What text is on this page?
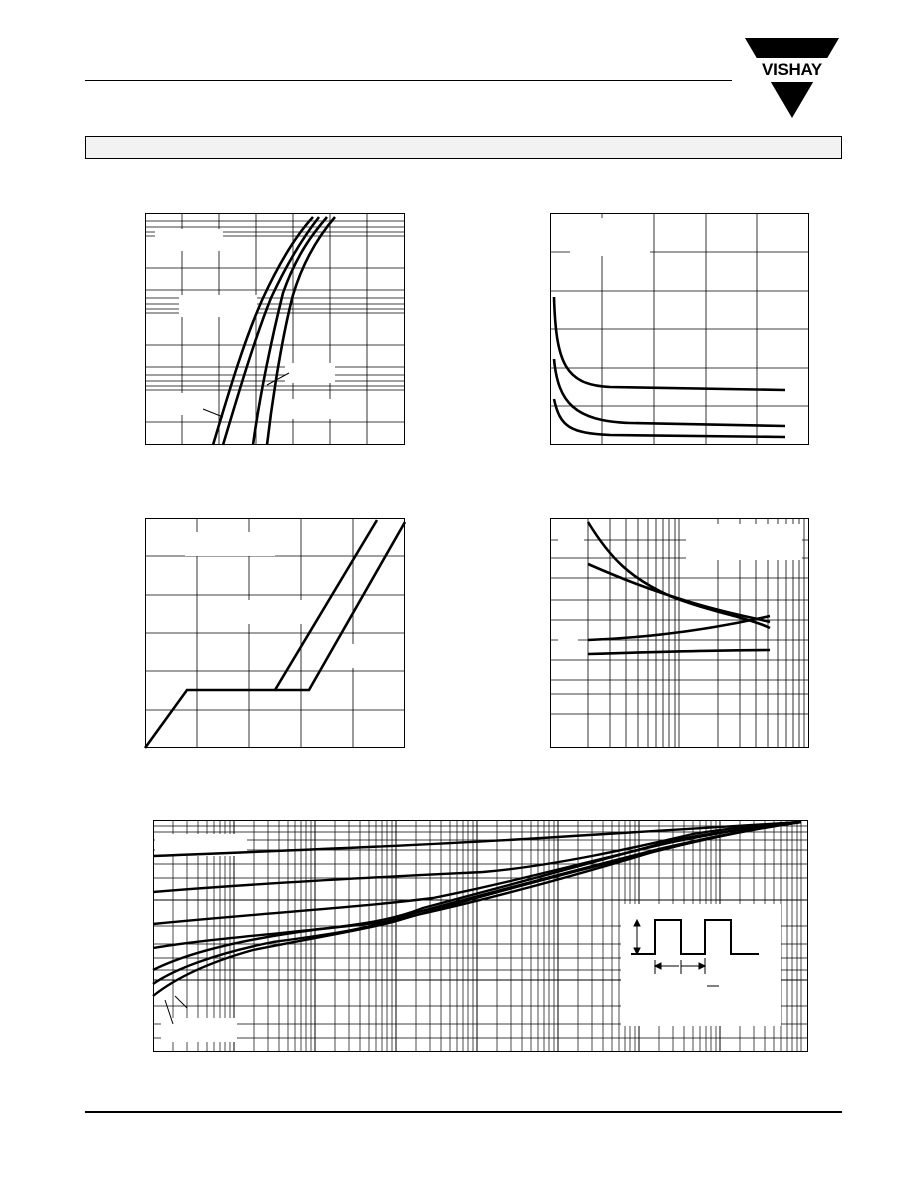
VISHAY
